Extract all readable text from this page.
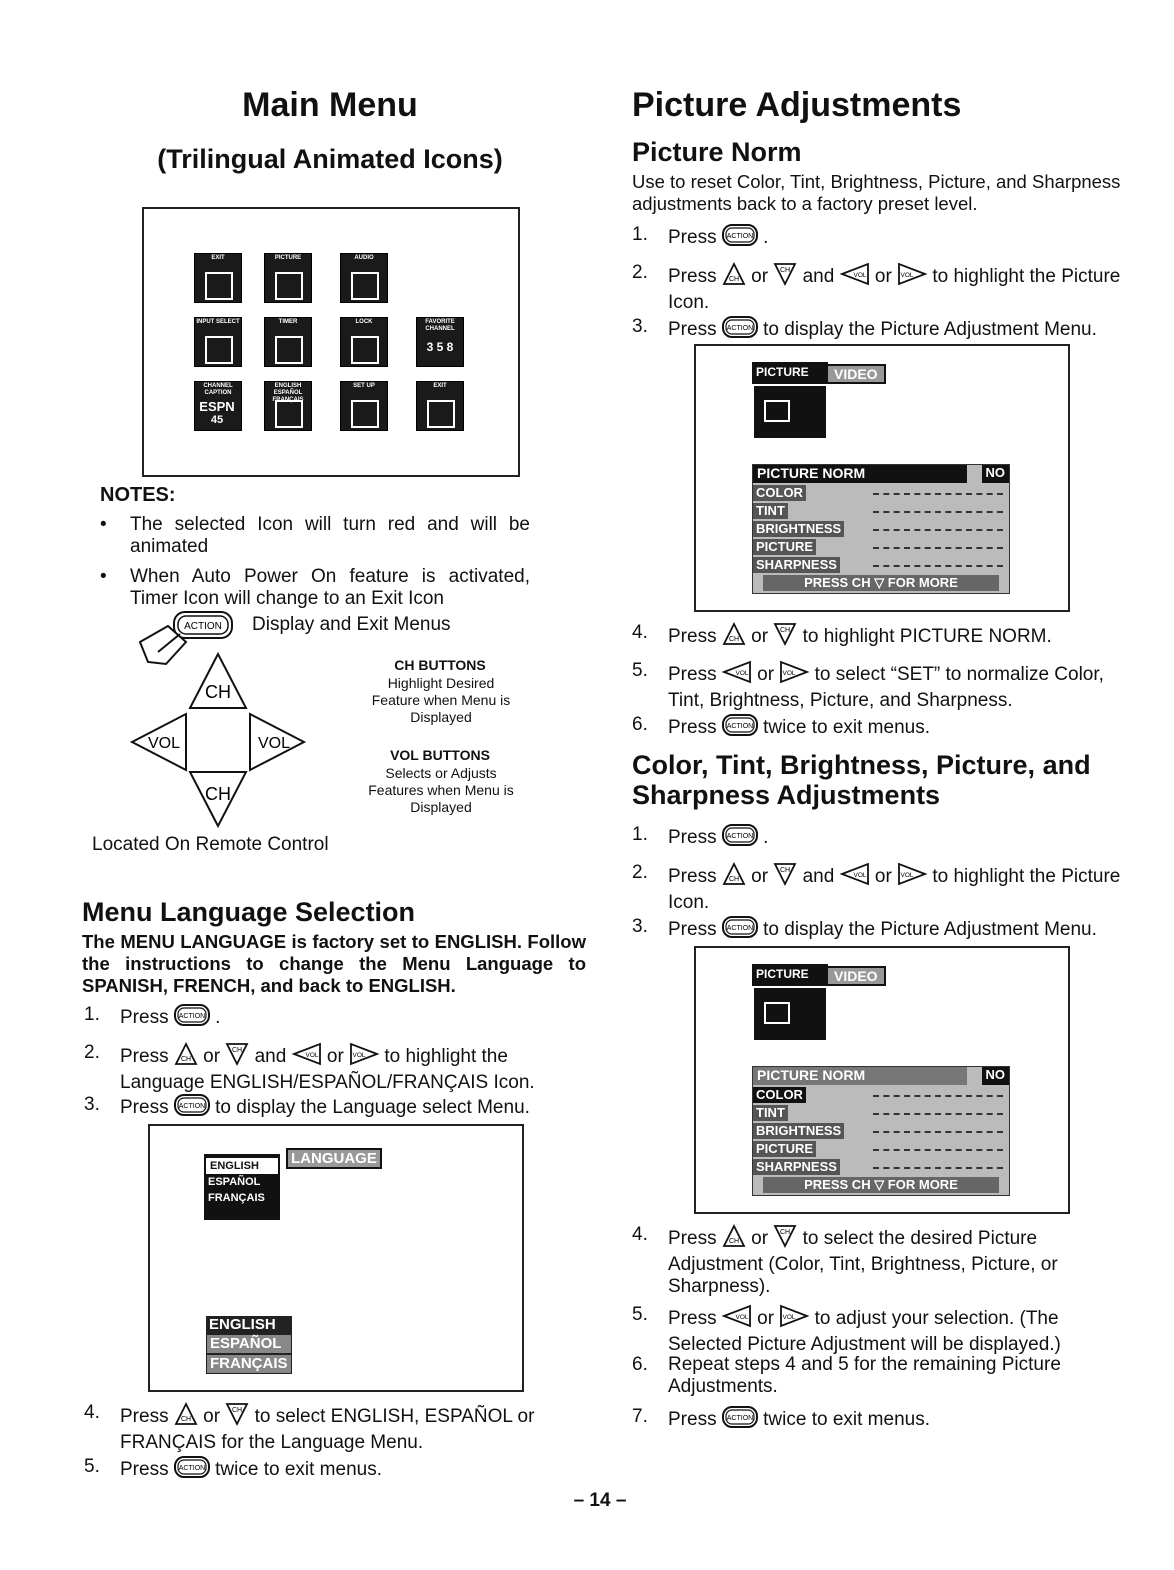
Main Menu
(Trilingual Animated Icons)
EXIT	PICTURE	AUDIO
INPUT SELECT	TIMER	LOCK	FAVORITE CHANNEL
3 5 8
CHANNEL CAPTION
ESPN
45
ENGLISH ESPAÑOL FRANÇAIS
SET UP	EXIT
NOTES:
• The selected Icon will turn red and will be animated
• When Auto Power On feature is activated, Timer Icon will change to an Exit Icon
ACTION
CH
VOL	VOL
CH
Display and Exit Menus
CH BUTTONS
Highlight Desired Feature when Menu is Displayed
VOL BUTTONS
Selects or Adjusts Features when Menu is Displayed
Located On Remote Control
Menu Language Selection
The MENU LANGUAGE is factory set to ENGLISH. Follow the instructions to change the Menu Language to SPANISH, FRENCH, and back to ENGLISH.
1. Press ACTION .
2. Press CH or CH and	VOL or VOL to highlight the Language ENGLISH/ESPAÑOL/FRANÇAIS Icon.
3. Press ACTION to display the Language select Menu.
4. Press CH or CH to select ENGLISH, ESPAÑOL or FRANÇAIS for the Language Menu.
5. Press ACTION twice to exit menus.
ENGLISH
ESPAÑOL
FRANÇAIS
LANGUAGE
ENGLISH
ESPAÑOL
FRANÇAIS
Picture Adjustments
Picture Norm
Use to reset Color, Tint, Brightness, Picture, and Sharpness adjustments back to a factory preset level.
1. Press ACTION .
2. Press CH or CH and	VOL or VOL to highlight the Picture Icon.
3. Press ACTION to display the Picture Adjustment Menu.
PICTURE	VIDEO
PICTURE NORM	NO
COLOR
TINT
BRIGHTNESS
PICTURE
SHARPNESS
PRESS CH ▽ FOR MORE
4. Press CH or CH to highlight PICTURE NORM.
5. Press	VOL or VOL to select “SET” to normalize Color, Tint, Brightness, Picture, and Sharpness.
6. Press ACTION twice to exit menus.
Color, Tint, Brightness, Picture, and Sharpness Adjustments
1. Press ACTION .
2. Press CH or CH and	VOL or VOL to highlight the Picture Icon.
3. Press ACTION to display the Picture Adjustment Menu.
PICTURE	VIDEO
PICTURE NORM	NO
COLOR
TINT
BRIGHTNESS
PICTURE
SHARPNESS
PRESS CH ▽ FOR MORE
4. Press CH or CH to select the desired Picture Adjustment (Color, Tint, Brightness, Picture, or Sharpness).
5. Press	VOL or VOL to adjust your selection. (The Selected Picture Adjustment will be displayed.)
6. Repeat steps 4 and 5 for the remaining Picture Adjustments.
7. Press ACTION twice to exit menus.
– 14 –
